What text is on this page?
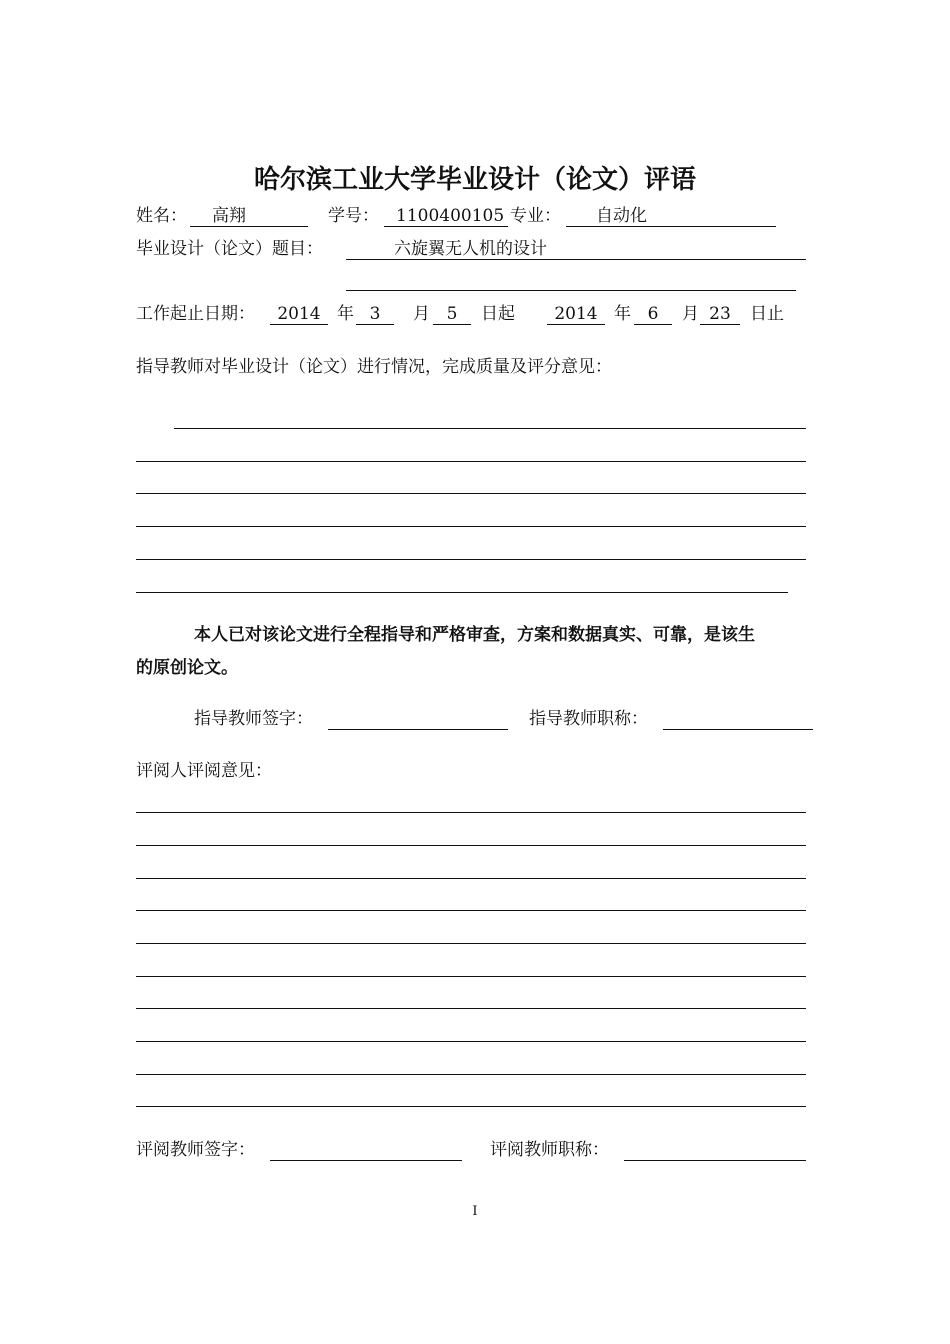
哈尔滨工业大学毕业设计（论文）评语
姓名：	高翔	学号：	1100400105 专业：	自动化
毕业设计（论文）题目：	六旋翼无人机的设计
工作起止日期：	2014 年 3	月 5	日起	2014 年 6	月 23	日止
指导教师对毕业设计（论文）进行情况，完成质量及评分意见：
本人已对该论文进行全程指导和严格审查，方案和数据真实、可靠，是该生
的原创论文。
指导教师签字：	指导教师职称：
评阅人评阅意见：
评阅教师签字：	评阅教师职称：
I
